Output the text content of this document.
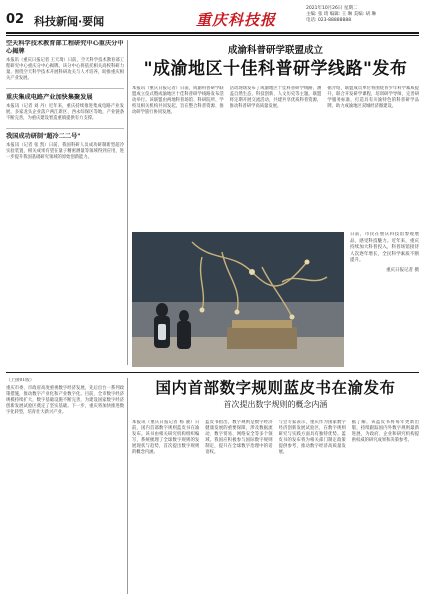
02 科技新闻·要闻	重庆科技报
2021年10月26日 星期二
主编: 张 琦 编辑: 王 琳 美编: 胡 琳
电话: 023-88888888
空天科学技术教育部工程研究中心重庆分中心揭牌
本报讯（重庆日报记者 王天琦）日前，空天科学技术教育部工程研究中心重庆分中心揭牌。该分中心将依托相关高校科研力量，围绕空天科学技术开展科研攻关与人才培养，助推重庆相关产业发展。
重庆集成电路产业加快集聚发展
本报讯（记者 刘 丹）近年来，重庆持续推进集成电路产业发展，多家龙头企业落户两江新区、西永综保区等地，产业链条不断完善，为重庆建设智造重镇提供有力支撑。
我国成功研制"超冷二二号"
本报讯（记者 张 凯）日前，我国科研人员成功研制新型超冷实验装置，相关成果有望在量子精密测量等领域得到应用，进一步提升我国基础研究领域的原始创新能力。
成渝科普研学联盟成立
"成渝地区十佳科普研学线路"发布
本报讯（重庆日报记者）日前，成渝科普研学联盟成立仪式暨成渝地区十佳科普研学线路发布活动举行。该联盟由两地科普场馆、科研院所、学校及相关机构共同发起，旨在整合科普资源、推动研学旅行协同发展。
活动现场发布了成渝地区十佳科普研学线路，涵盖自然生态、科技创新、人文历史等主题。联盟将定期开展交流活动，共建共享优质科普资源，推动科普研学高质量发展。
据介绍，联盟成员单位将围绕青少年科学素质提升，联合开发研学课程，培训研学导师，完善研学服务标准，打造具有川渝特色的科普研学品牌，助力成渝地区双城经济圈建设。
日前，市民在重庆科技馆参观展品，感受科技魅力。近年来，重庆持续加大科普投入，科普场馆接待人次逐年增长，全民科学素质不断提升。
重庆日报记者 摄
（上接01版）
重庆市委、市政府高度重视数字经济发展，先后出台一系列政策措施，推动数字产业化和产业数字化。目前，全市数字经济规模持续扩大，数字基础设施不断完善，为建设国家数字经济创新发展试验区奠定了坚实基础。下一步，重庆将加快推进数字化转型，培育壮大新兴产业。
国内首部数字规则蓝皮书在渝发布
首次提出数字规则的概念内涵
本报讯（重庆日报记者 杨 骏）日前，国内首部数字规则蓝皮书在渝发布。该书由相关研究机构组织编写，系统梳理了全球数字规则的发展现状与趋势，首次提出数字规则的概念内涵。
蓝皮书指出，数字规则是数字经济健康发展的重要保障，涉及数据流动、数字贸易、网络安全等多个领域。我国应积极参与国际数字规则制定，提升在全球数字治理中的话语权。
与会专家表示，重庆作为国家数字经济创新发展试验区，在数字规则研究与实践方面具有独特优势。蓝皮书的发布将为相关部门制定政策提供参考，推动数字经济高质量发展。
据了解，该蓝皮书将每年更新出版，持续跟踪国内外数字规则最新进展，为政府、企业和研究机构提供权威的研究成果和决策参考。
